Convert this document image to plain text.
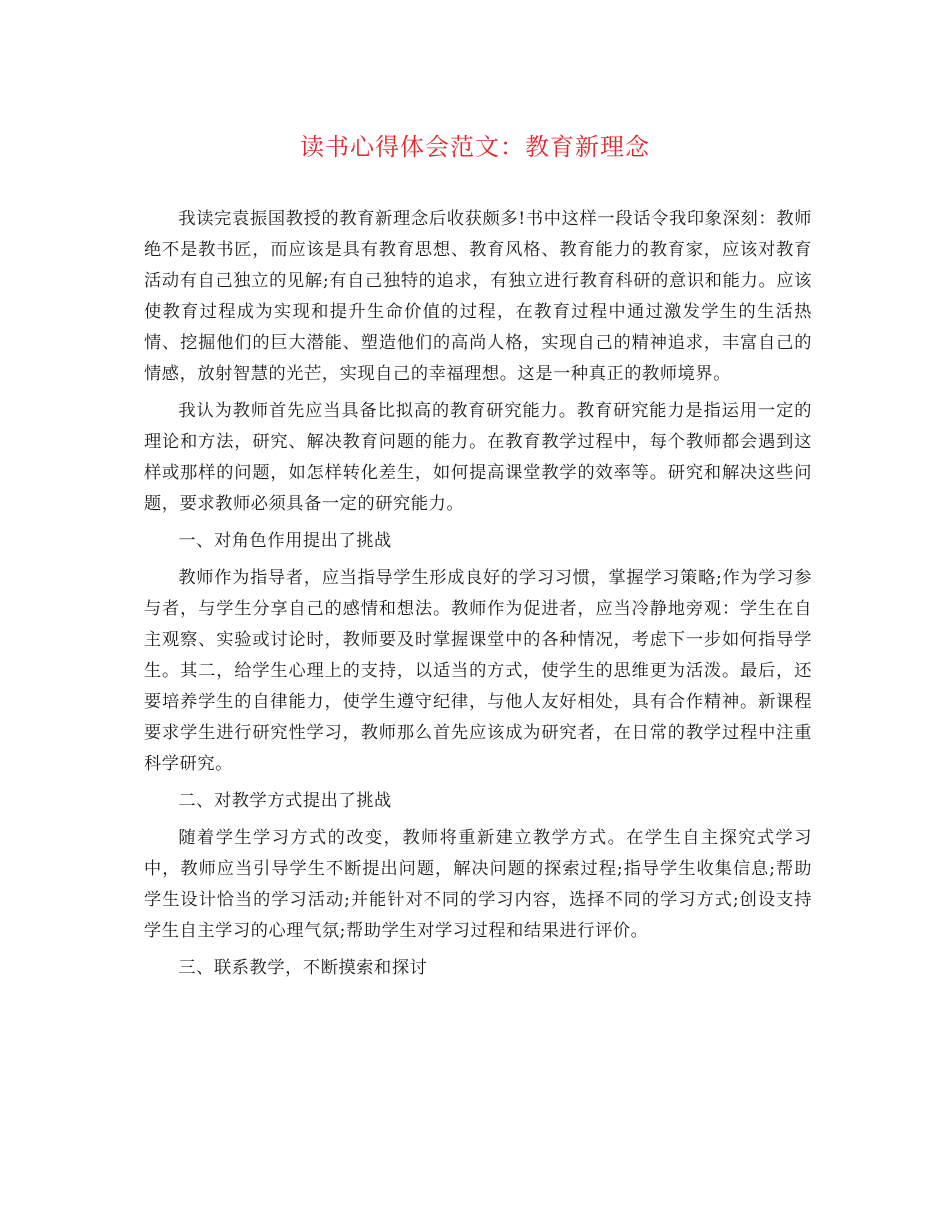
读书心得体会范文：教育新理念

我读完袁振国教授的教育新理念后收获颇多!书中这样一段话令我印象深刻：教师绝不是教书匠，而应该是具有教育思想、教育风格、教育能力的教育家，应该对教育活动有自己独立的见解;有自己独特的追求，有独立进行教育科研的意识和能力。应该使教育过程成为实现和提升生命价值的过程，在教育过程中通过激发学生的生活热情、挖掘他们的巨大潜能、塑造他们的高尚人格，实现自己的精神追求，丰富自己的情感，放射智慧的光芒，实现自己的幸福理想。这是一种真正的教师境界。

我认为教师首先应当具备比拟高的教育研究能力。教育研究能力是指运用一定的理论和方法，研究、解决教育问题的能力。在教育教学过程中，每个教师都会遇到这样或那样的问题，如怎样转化差生，如何提高课堂教学的效率等。研究和解决这些问题，要求教师必须具备一定的研究能力。

一、对角色作用提出了挑战

教师作为指导者，应当指导学生形成良好的学习习惯，掌握学习策略;作为学习参与者，与学生分享自己的感情和想法。教师作为促进者，应当冷静地旁观：学生在自主观察、实验或讨论时，教师要及时掌握课堂中的各种情况，考虑下一步如何指导学生。其二，给学生心理上的支持，以适当的方式，使学生的思维更为活泼。最后，还要培养学生的自律能力，使学生遵守纪律，与他人友好相处，具有合作精神。新课程要求学生进行研究性学习，教师那么首先应该成为研究者，在日常的教学过程中注重科学研究。

二、对教学方式提出了挑战

随着学生学习方式的改变，教师将重新建立教学方式。在学生自主探究式学习中，教师应当引导学生不断提出问题，解决问题的探索过程;指导学生收集信息;帮助学生设计恰当的学习活动;并能针对不同的学习内容，选择不同的学习方式;创设支持学生自主学习的心理气氛;帮助学生对学习过程和结果进行评价。

三、联系教学，不断摸索和探讨
